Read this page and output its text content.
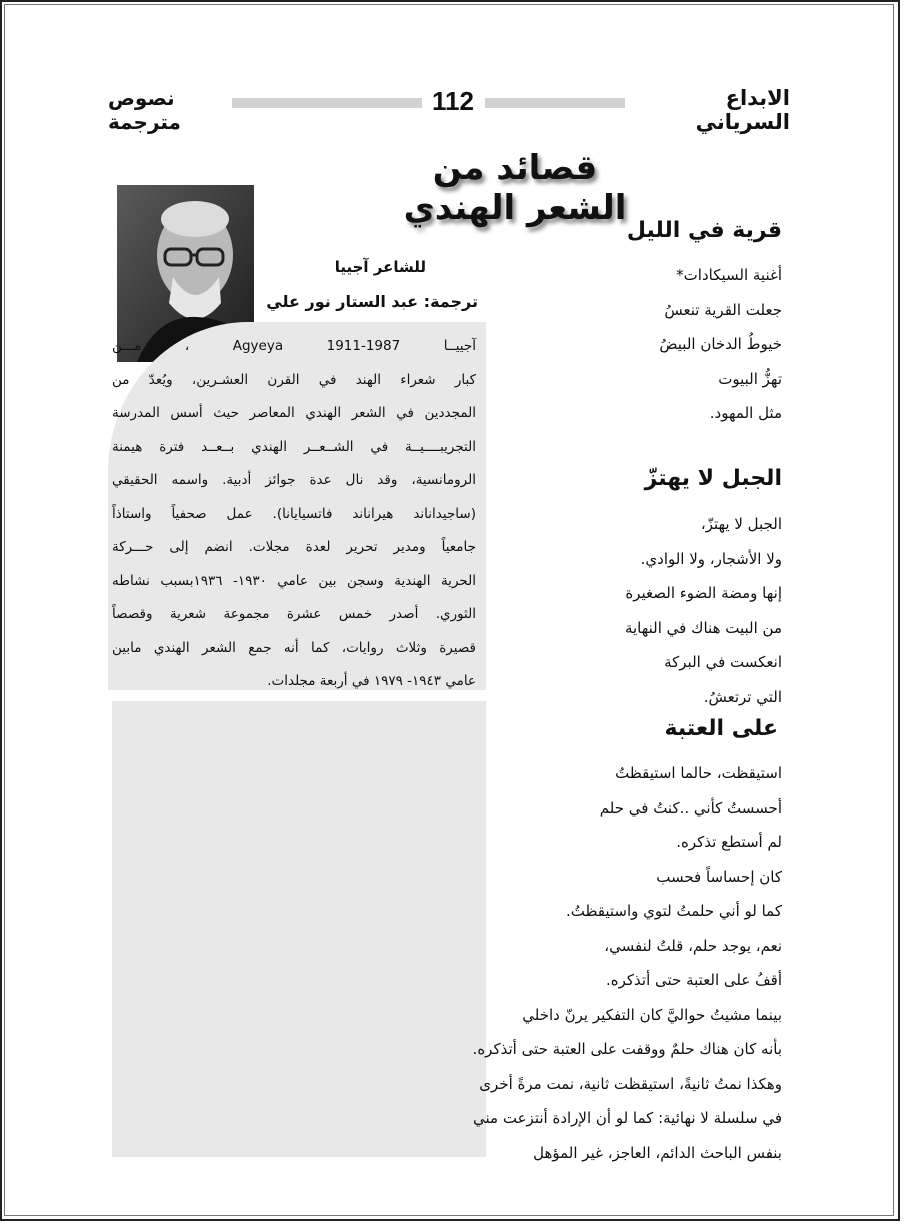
نصوص مترجمة
112	الابداع السرياني
قصائد من الشعر الهندي
للشاعر آجييا
ترجمة: عبد الستار نور علي
آجييــا Agyeya 1911-1987 ، مـــن
كبار شعراء الهند في القرن العشـرين، ويُعدّ من
المجددين في الشعر الهندي المعاصر حيث أسس المدرسة
التجريبــــيــة في الشــعــر الهندي بــعــد فترة هيمنة
الرومانسية، وقد نال عدة جوائز أدبية. واسمه الحقيقي
(ساجيداناند هيراناند فاتسيايانا). عمل صحفياً واستاذاً
جامعياً ومدير تحرير لعدة مجلات. انضم إلى حـــركة
الحرية الهندية وسجن بين عامي ١٩٣٠- ١٩٣٦بسبب نشاطه
الثوري. أصدر خمس عشرة مجموعة شعرية وقصصاً
قصيرة وثلاث روايات، كما أنه جمع الشعر الهندي مابين
عامي ١٩٤٣- ١٩٧٩ في أربعة مجلدات.
قرية في الليل
أغنية السيكادات*
جعلت القرية تنعسُ
خيوطُ الدخان البيضُ
تهزُّ البيوت
مثل المهود.
الجبل لا يهتزّ
الجبل لا يهتزّ،
ولا الأشجار، ولا الوادي.
إنها ومضة الضوء الصغيرة
من البيت هناك في النهاية
انعكست في البركة
التي ترتعشُ.
على العتبة
استيقظت، حالما استيقظتُ
أحسستُ كأني ..كنتُ في حلم
لم أستطع تذكره.
كان إحساساً فحسب
كما لو أني حلمتُ لتوي واستيقظتُ.
نعم، يوجد حلم، قلتُ لنفسي،
أقفُ على العتبة حتى أتذكره.
بينما مشيتُ حواليَّ كان التفكير يرنّ داخلي
بأنه كان هناك حلمٌ ووقفت على العتبة حتى أتذكره.
وهكذا نمتُ ثانيةً، استيقظت ثانية، نمت مرةً أخرى
في سلسلة لا نهائية: كما لو أن الإرادة أنتزعت مني
بنفس الباحث الدائم، العاجز، غير المؤهل
